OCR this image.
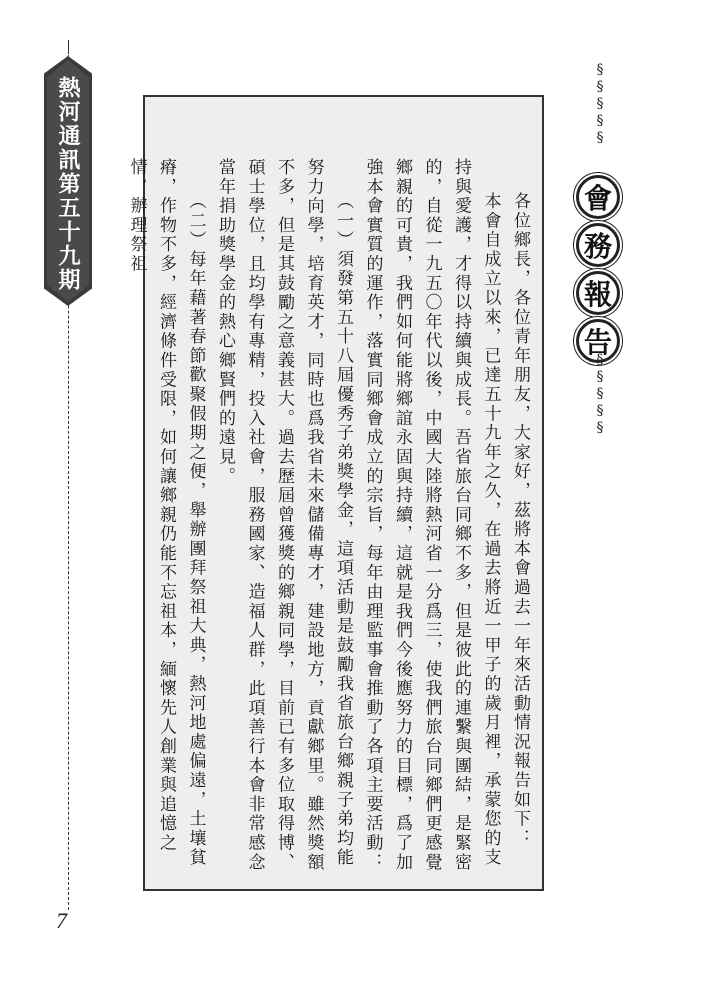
熱河通訊第五十九期
7

各位鄉長，各位青年朋友，大家好，茲將本會過去一年來活動情況報告如下：

本會自成立以來，已達五十九年之久，在過去將近一甲子的歲月裡，承蒙您的支持與愛護，才得以持續與成長。吾省旅台同鄉不多，但是彼此的連繫與團結，是緊密的，自從一九五〇年代以後，中國大陸將熱河省一分爲三，使我們旅台同鄉們更感覺鄉親的可貴，我們如何能將鄉誼永固與持續，這就是我們今後應努力的目標，爲了加強本會實質的運作，落實同鄉會成立的宗旨，每年由理監事會推動了各項主要活動：

（一）須發第五十八屆優秀子弟獎學金，這項活動是鼓勵我省旅台鄉親子弟均能努力向學，培育英才，同時也爲我省未來儲備專才，建設地方，貢獻鄉里。雖然獎額不多，但是其鼓勵之意義甚大。過去歷屆曾獲獎的鄉親同學，目前已有多位取得博、碩士學位，且均學有專精，投入社會，服務國家、造福人群，此項善行本會非常感念當年捐助獎學金的熱心鄉賢們的遠見。

（二）每年藉著春節歡聚假期之便，舉辦團拜祭祖大典，熱河地處偏遠，土壤貧瘠，作物不多，經濟條件受限，如何讓鄉親仍能不忘祖本，緬懷先人創業與追憶之情，辦理祭祖

§§§§§
會
務
報
告
§§§§§
